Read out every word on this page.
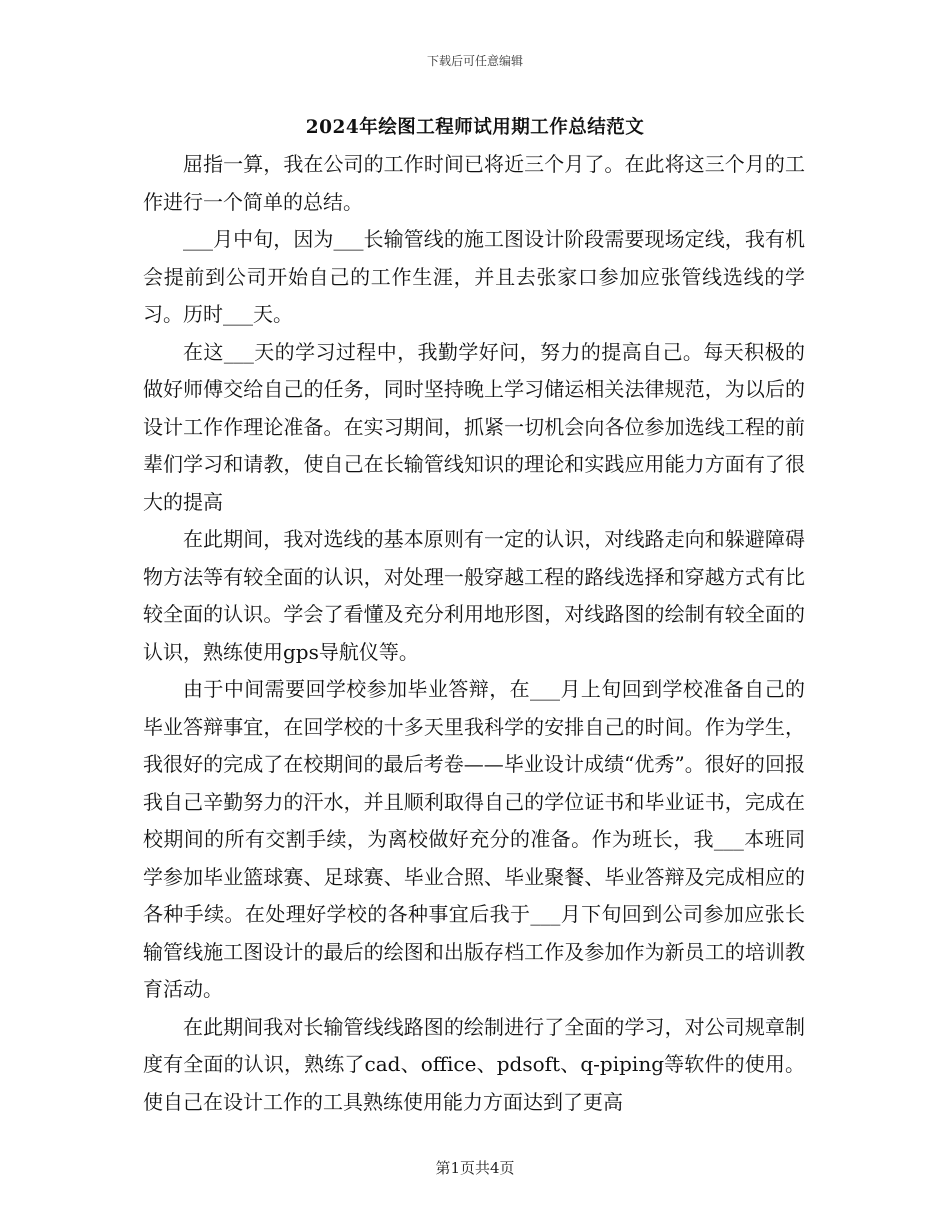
下载后可任意编辑
2024年绘图工程师试用期工作总结范文

屈指一算，我在公司的工作时间已将近三个月了。在此将这三个月的工作进行一个简单的总结。

___月中旬，因为___长输管线的施工图设计阶段需要现场定线，我有机会提前到公司开始自己的工作生涯，并且去张家口参加应张管线选线的学习。历时___天。

在这___天的学习过程中，我勤学好问，努力的提高自己。每天积极的做好师傅交给自己的任务，同时坚持晚上学习储运相关法律规范，为以后的设计工作作理论准备。在实习期间，抓紧一切机会向各位参加选线工程的前辈们学习和请教，使自己在长输管线知识的理论和实践应用能力方面有了很大的提高

在此期间，我对选线的基本原则有一定的认识，对线路走向和躲避障碍物方法等有较全面的认识，对处理一般穿越工程的路线选择和穿越方式有比较全面的认识。学会了看懂及充分利用地形图，对线路图的绘制有较全面的认识，熟练使用gps导航仪等。

由于中间需要回学校参加毕业答辩，在___月上旬回到学校准备自己的毕业答辩事宜，在回学校的十多天里我科学的安排自己的时间。作为学生，我很好的完成了在校期间的最后考卷——毕业设计成绩“优秀”。很好的回报我自己辛勤努力的汗水，并且顺利取得自己的学位证书和毕业证书，完成在校期间的所有交割手续，为离校做好充分的准备。作为班长，我___本班同学参加毕业篮球赛、足球赛、毕业合照、毕业聚餐、毕业答辩及完成相应的各种手续。在处理好学校的各种事宜后我于___月下旬回到公司参加应张长输管线施工图设计的最后的绘图和出版存档工作及参加作为新员工的培训教育活动。

在此期间我对长输管线线路图的绘制进行了全面的学习，对公司规章制度有全面的认识，熟练了cad、office、pdsoft、q-piping等软件的使用。使自己在设计工作的工具熟练使用能力方面达到了更高

第1页共4页
